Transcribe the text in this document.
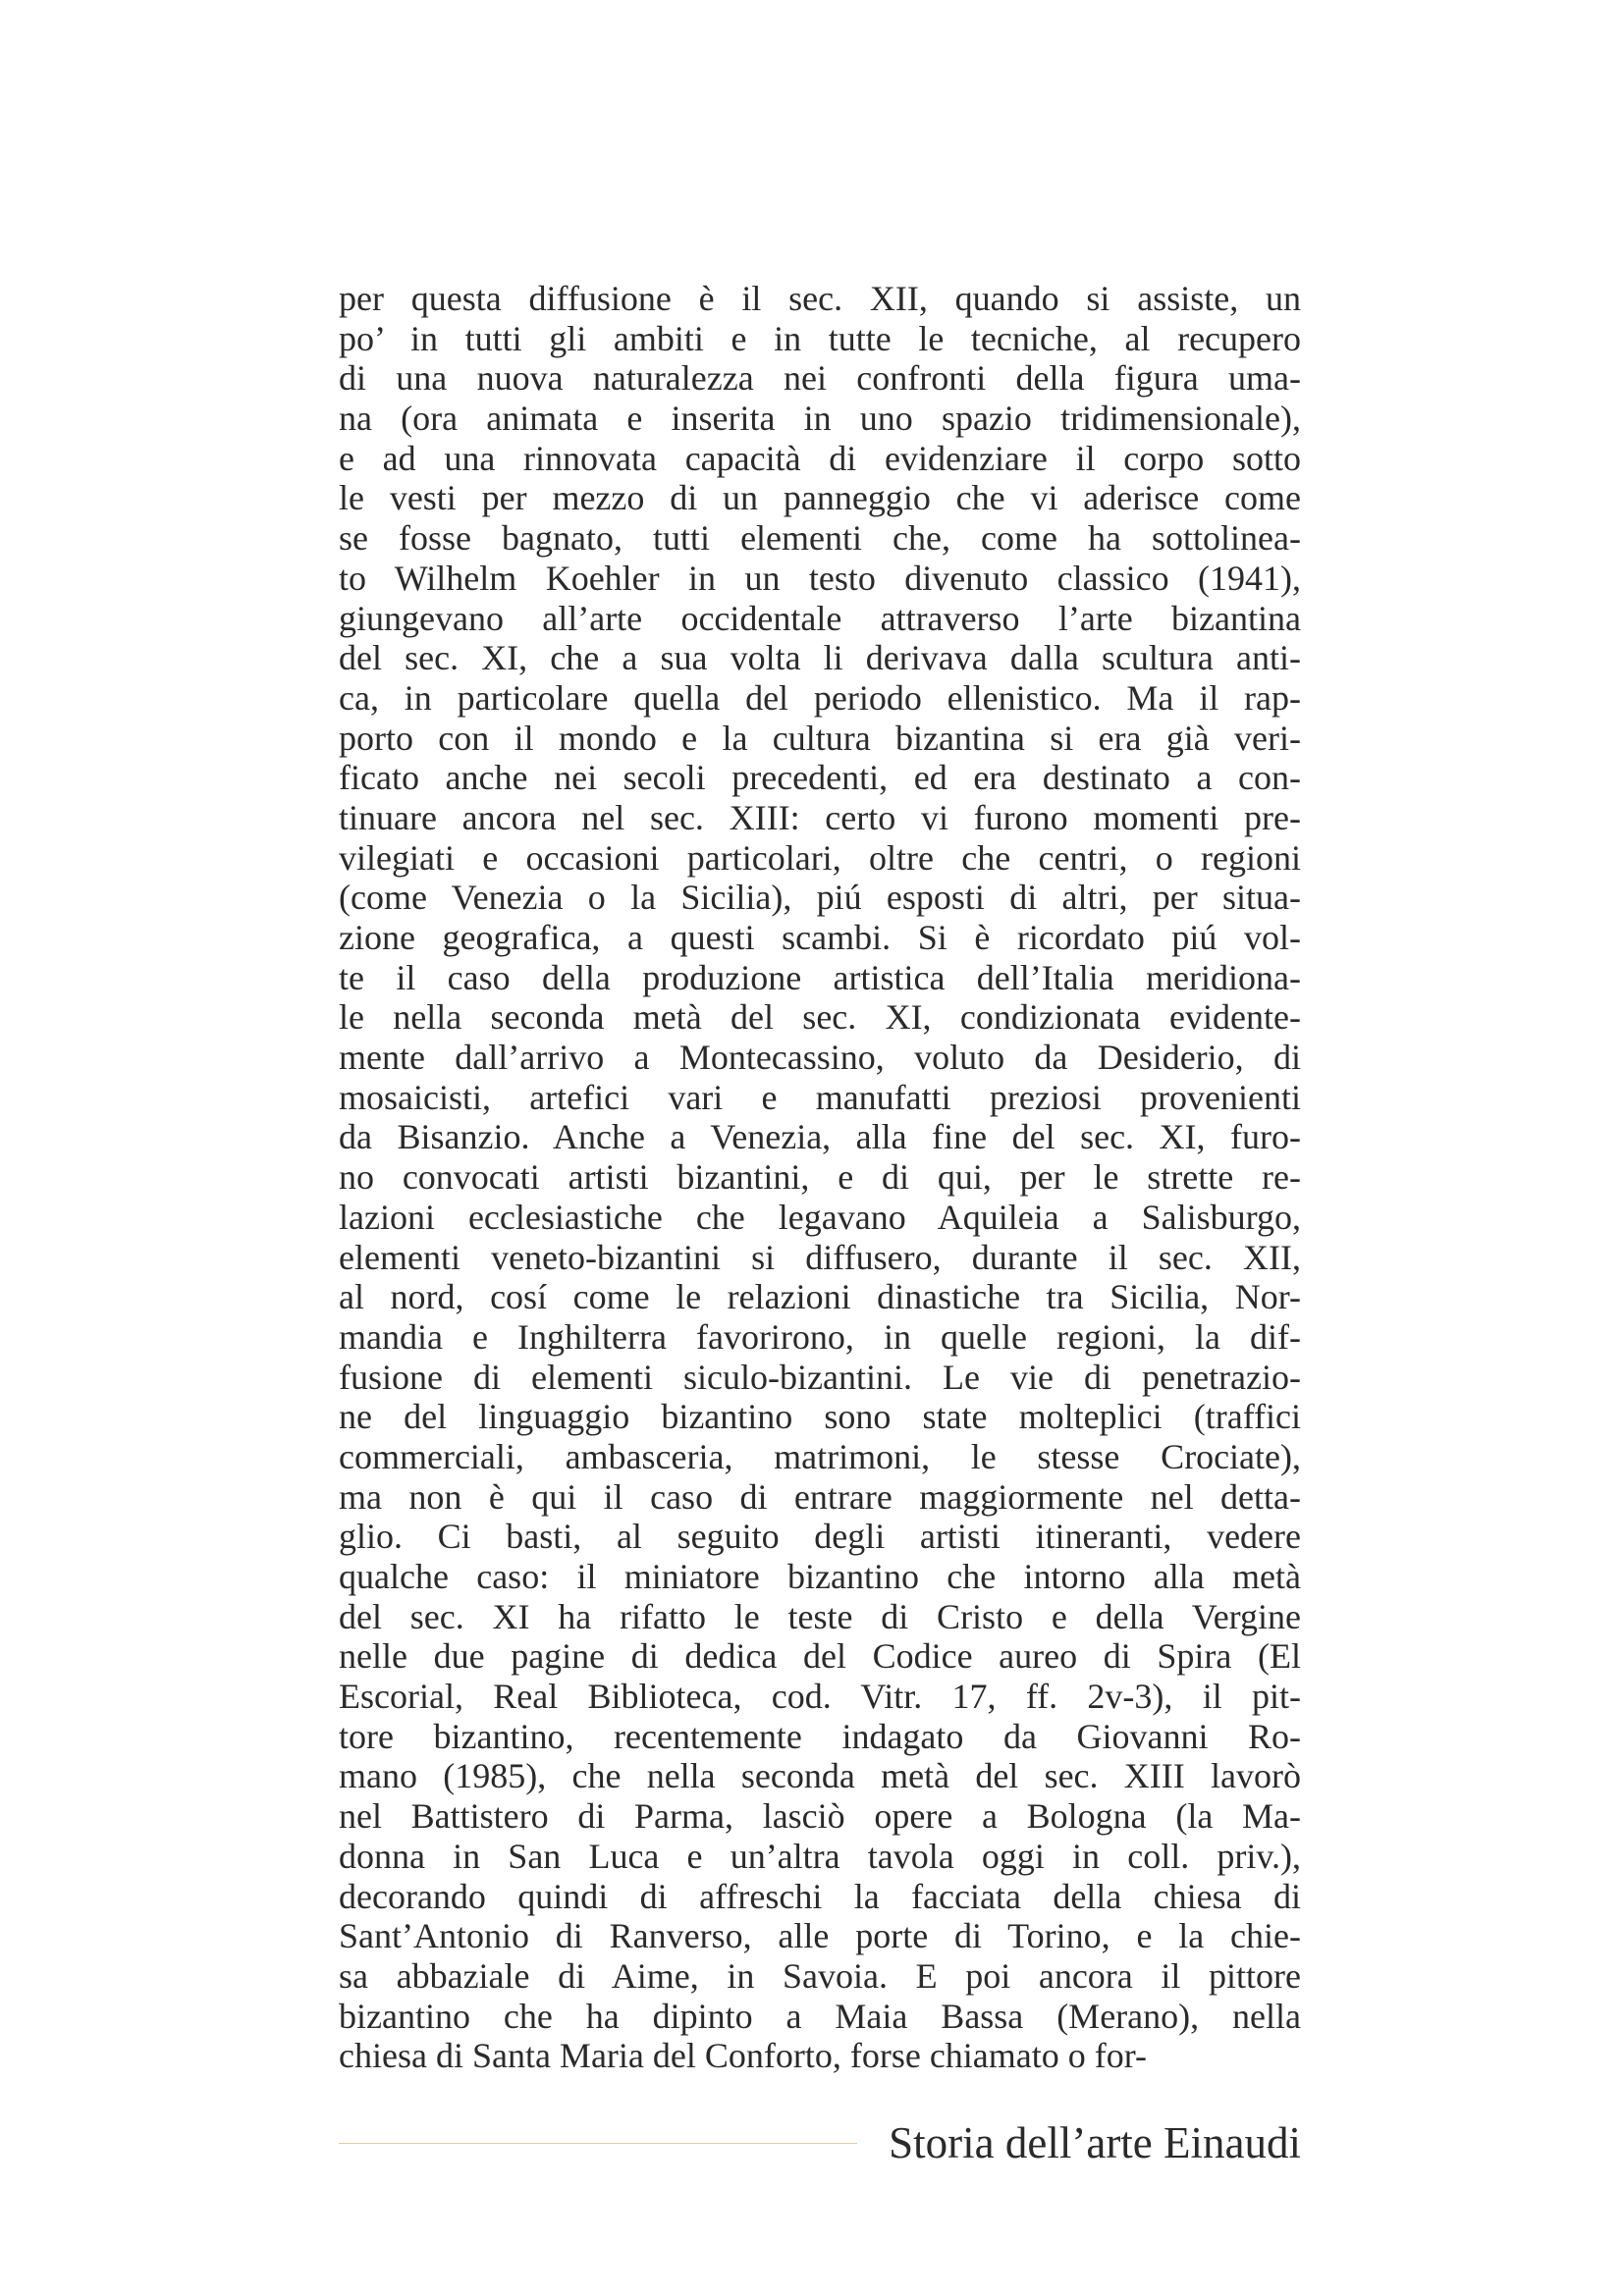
per questa diffusione è il sec. XII, quando si assiste, un
po’ in tutti gli ambiti e in tutte le tecniche, al recupero
di una nuova naturalezza nei confronti della figura uma-
na (ora animata e inserita in uno spazio tridimensionale),
e ad una rinnovata capacità di evidenziare il corpo sotto
le vesti per mezzo di un panneggio che vi aderisce come
se fosse bagnato, tutti elementi che, come ha sottolinea-
to Wilhelm Koehler in un testo divenuto classico (1941),
giungevano all’arte occidentale attraverso l’arte bizantina
del sec. XI, che a sua volta li derivava dalla scultura anti-
ca, in particolare quella del periodo ellenistico. Ma il rap-
porto con il mondo e la cultura bizantina si era già veri-
ficato anche nei secoli precedenti, ed era destinato a con-
tinuare ancora nel sec. XIII: certo vi furono momenti pre-
vilegiati e occasioni particolari, oltre che centri, o regioni
(come Venezia o la Sicilia), piú esposti di altri, per situa-
zione geografica, a questi scambi. Si è ricordato piú vol-
te il caso della produzione artistica dell’Italia meridiona-
le nella seconda metà del sec. XI, condizionata evidente-
mente dall’arrivo a Montecassino, voluto da Desiderio, di
mosaicisti, artefici vari e manufatti preziosi provenienti
da Bisanzio. Anche a Venezia, alla fine del sec. XI, furo-
no convocati artisti bizantini, e di qui, per le strette re-
lazioni ecclesiastiche che legavano Aquileia a Salisburgo,
elementi veneto-bizantini si diffusero, durante il sec. XII,
al nord, cosí come le relazioni dinastiche tra Sicilia, Nor-
mandia e Inghilterra favorirono, in quelle regioni, la dif-
fusione di elementi siculo-bizantini. Le vie di penetrazio-
ne del linguaggio bizantino sono state molteplici (traffici
commerciali, ambasceria, matrimoni, le stesse Crociate),
ma non è qui il caso di entrare maggiormente nel detta-
glio. Ci basti, al seguito degli artisti itineranti, vedere
qualche caso: il miniatore bizantino che intorno alla metà
del sec. XI ha rifatto le teste di Cristo e della Vergine
nelle due pagine di dedica del Codice aureo di Spira (El
Escorial, Real Biblioteca, cod. Vitr. 17, ff. 2v-3), il pit-
tore bizantino, recentemente indagato da Giovanni Ro-
mano (1985), che nella seconda metà del sec. XIII lavorò
nel Battistero di Parma, lasciò opere a Bologna (la Ma-
donna in San Luca e un’altra tavola oggi in coll. priv.),
decorando quindi di affreschi la facciata della chiesa di
Sant’Antonio di Ranverso, alle porte di Torino, e la chie-
sa abbaziale di Aime, in Savoia. E poi ancora il pittore
bizantino che ha dipinto a Maia Bassa (Merano), nella
chiesa di Santa Maria del Conforto, forse chiamato o for-
Storia dell’arte Einaudi
